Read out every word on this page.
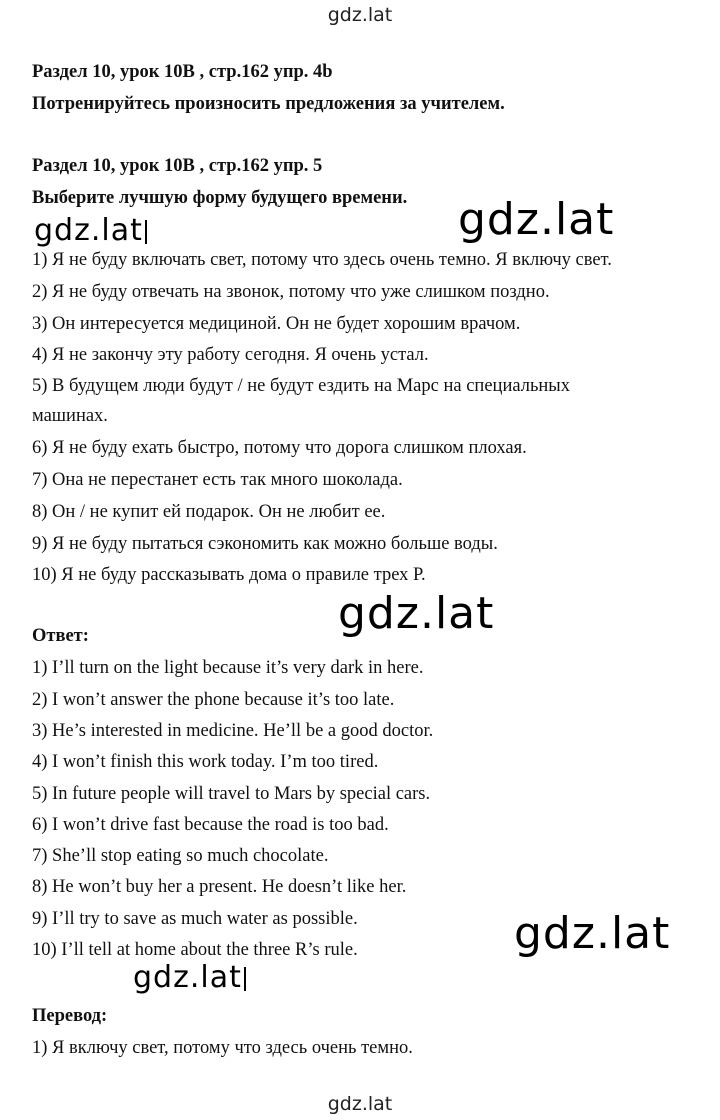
gdz.lat
Раздел 10, урок 10B , стр.162 упр. 4b
Потренируйтесь произносить предложения за учителем.
Раздел 10, урок 10B , стр.162 упр. 5
Выберите лучшую форму будущего времени.
1) Я не буду включать свет, потому что здесь очень темно. Я включу свет.
2) Я не буду отвечать на звонок, потому что уже слишком поздно.
3) Он интересуется медициной. Он не будет хорошим врачом.
4) Я не закончу эту работу сегодня. Я очень устал.
5) В будущем люди будут / не будут ездить на Марс на специальных
машинах.
6) Я не буду ехать быстро, потому что дорога слишком плохая.
7) Она не перестанет есть так много шоколада.
8) Он / не купит ей подарок. Он не любит ее.
9) Я не буду пытаться сэкономить как можно больше воды.
10) Я не буду рассказывать дома о правиле трех Р.
Ответ:
1) I’ll turn on the light because it’s very dark in here.
2) I won’t answer the phone because it’s too late.
3) He’s interested in medicine. He’ll be a good doctor.
4) I won’t finish this work today. I’m too tired.
5) In future people will travel to Mars by special cars.
6) I won’t drive fast because the road is too bad.
7) She’ll stop eating so much chocolate.
8) He won’t buy her a present. He doesn’t like her.
9) I’ll try to save as much water as possible.
10) I’ll tell at home about the three R’s rule.
Перевод:
1) Я включу свет, потому что здесь очень темно.
gdz.lat	gdz.lat
gdz.lat
gdz.lat
gdz.lat
gdz.lat
